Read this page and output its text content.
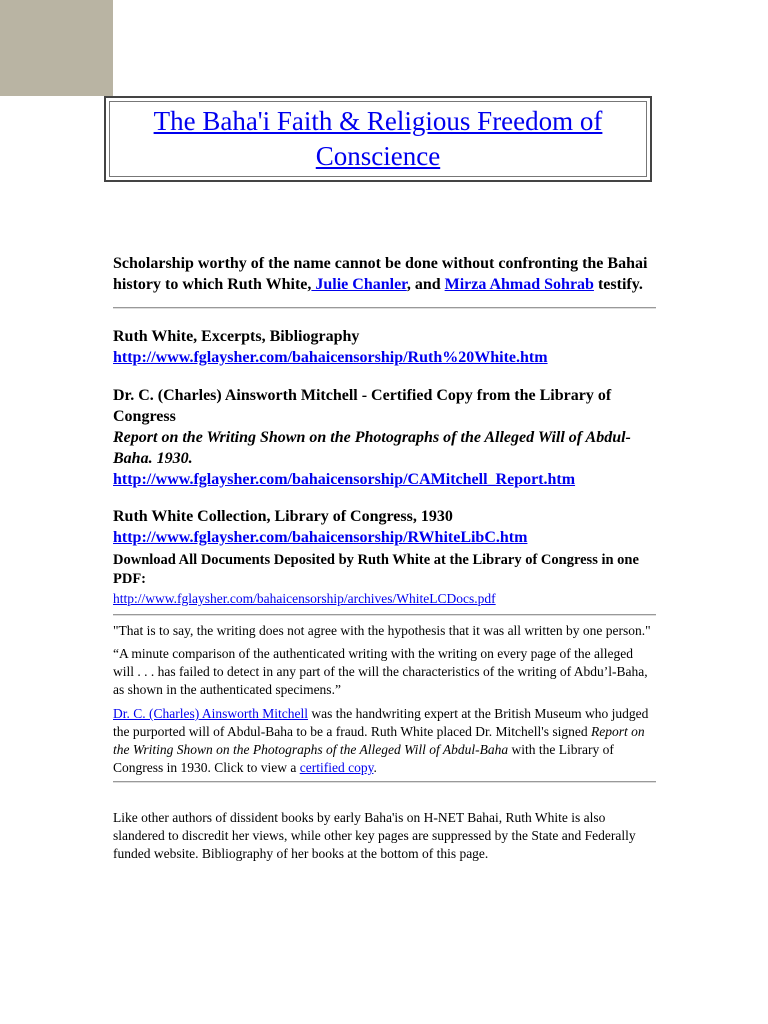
The Baha'i Faith & Religious Freedom of Conscience
Scholarship worthy of the name cannot be done without confronting the Bahai history to which Ruth White, Julie Chanler, and Mirza Ahmad Sohrab testify.
Ruth White, Excerpts, Bibliography
http://www.fglaysher.com/bahaicensorship/Ruth%20White.htm
Dr. C. (Charles) Ainsworth Mitchell - Certified Copy from the Library of Congress
Report on the Writing Shown on the Photographs of the Alleged Will of Abdul-Baha. 1930.
http://www.fglaysher.com/bahaicensorship/CAMitchell_Report.htm
Ruth White Collection, Library of Congress, 1930
http://www.fglaysher.com/bahaicensorship/RWhiteLibC.htm
Download All Documents Deposited by Ruth White at the Library of Congress in one PDF:
http://www.fglaysher.com/bahaicensorship/archives/WhiteLCDocs.pdf

"That is to say, the writing does not agree with the hypothesis that it was all written by one person."

“A minute comparison of the authenticated writing with the writing on every page of the alleged will . . . has failed to detect in any part of the will the characteristics of the writing of Abdu’l-Baha, as shown in the authenticated specimens.”

Dr. C. (Charles) Ainsworth Mitchell was the handwriting expert at the British Museum who judged the purported will of Abdul-Baha to be a fraud. Ruth White placed Dr. Mitchell's signed Report on the Writing Shown on the Photographs of the Alleged Will of Abdul-Baha with the Library of Congress in 1930. Click to view a certified copy.

Like other authors of dissident books by early Baha'is on H-NET Bahai, Ruth White is also slandered to discredit her views, while other key pages are suppressed by the State and Federally funded website. Bibliography of her books at the bottom of this page.
